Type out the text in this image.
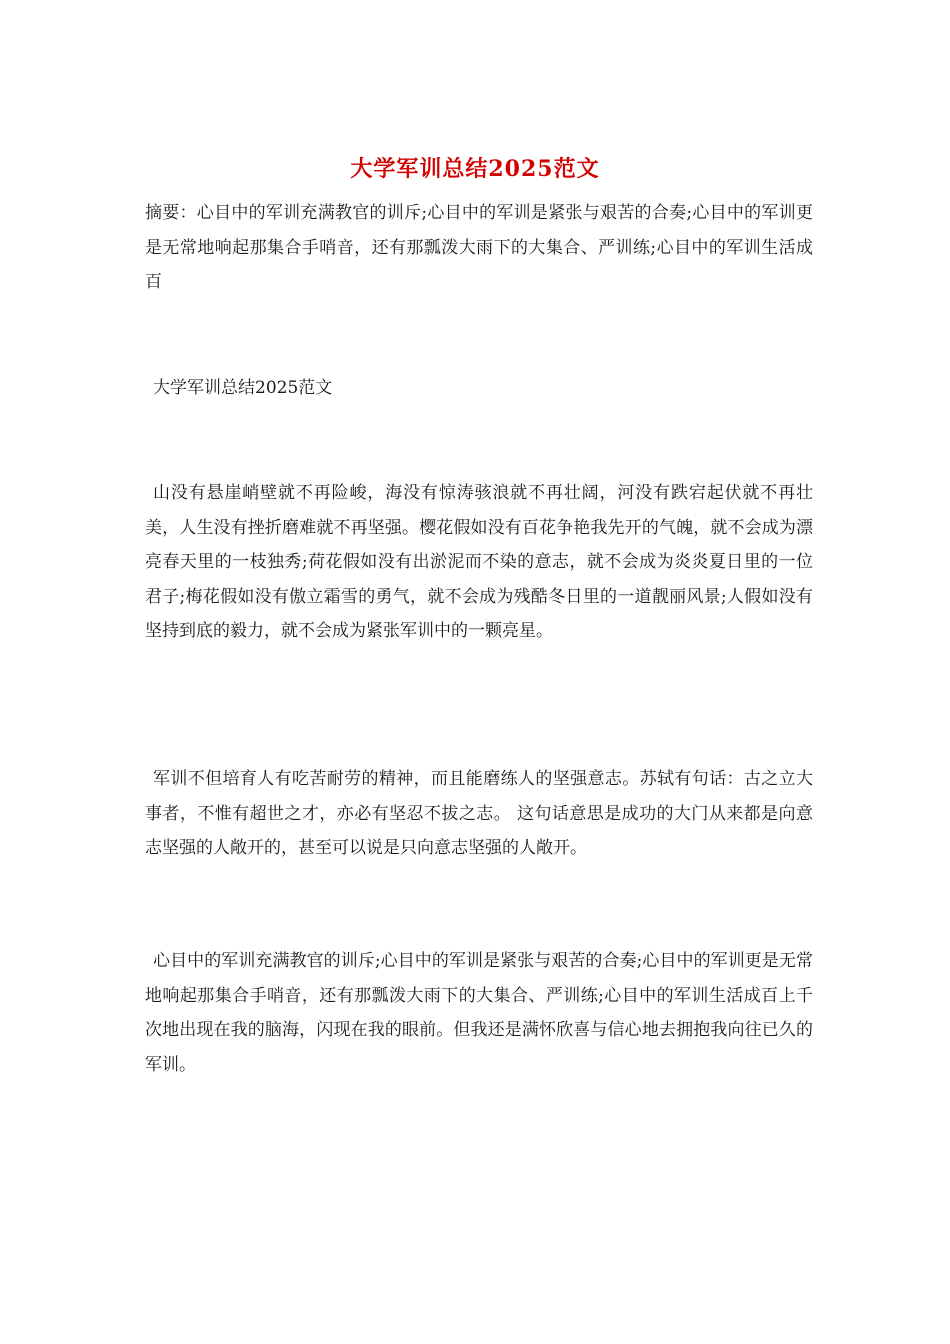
大学军训总结2025范文

摘要：心目中的军训充满教官的训斥;心目中的军训是紧张与艰苦的合奏;心目中的军训更是无常地响起那集合手哨音，还有那瓢泼大雨下的大集合、严训练;心目中的军训生活成百

大学军训总结2025范文

山没有悬崖峭壁就不再险峻，海没有惊涛骇浪就不再壮阔，河没有跌宕起伏就不再壮美，人生没有挫折磨难就不再坚强。樱花假如没有百花争艳我先开的气魄，就不会成为漂亮春天里的一枝独秀;荷花假如没有出淤泥而不染的意志，就不会成为炎炎夏日里的一位君子;梅花假如没有傲立霜雪的勇气，就不会成为残酷冬日里的一道靓丽风景;人假如没有坚持到底的毅力，就不会成为紧张军训中的一颗亮星。

军训不但培育人有吃苦耐劳的精神，而且能磨练人的坚强意志。苏轼有句话：古之立大事者，不惟有超世之才，亦必有坚忍不拔之志。 这句话意思是成功的大门从来都是向意志坚强的人敞开的，甚至可以说是只向意志坚强的人敞开。

心目中的军训充满教官的训斥;心目中的军训是紧张与艰苦的合奏;心目中的军训更是无常地响起那集合手哨音，还有那瓢泼大雨下的大集合、严训练;心目中的军训生活成百上千次地出现在我的脑海，闪现在我的眼前。但我还是满怀欣喜与信心地去拥抱我向往已久的军训。
